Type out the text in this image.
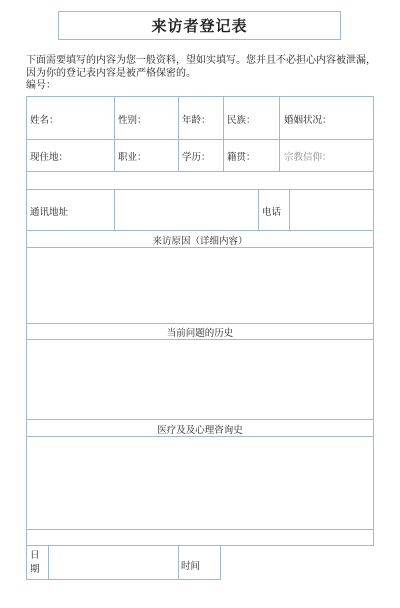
来访者登记表
下面需要填写的内容为您一般资料，望如实填写。您并且不必担心内容被泄漏，
因为你的登记表内容是被严格保密的。
编号：
姓名：	性别：	年龄： 民族：	婚姻状况：
现住地：	职业：	学历： 籍贯：	宗教信仰：
通讯地址	电话
来访原因（详细内容）
当前问题的历史
医疗及及心理咨询史
日期	时间
